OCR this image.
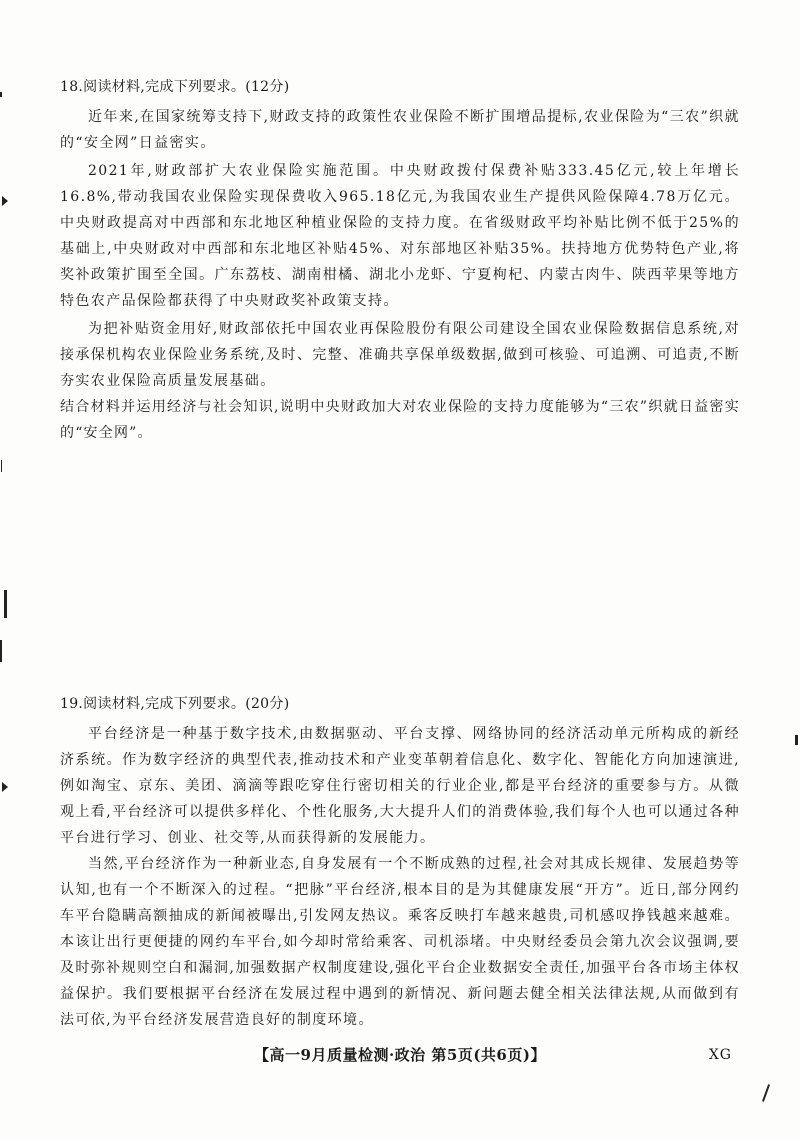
18.阅读材料,完成下列要求。(12分)

近年来,在国家统筹支持下,财政支持的政策性农业保险不断扩围增品提标,农业保险为“三农”织就的“安全网”日益密实。

2021年,财政部扩大农业保险实施范围。中央财政拨付保费补贴333.45亿元,较上年增长16.8%,带动我国农业保险实现保费收入965.18亿元,为我国农业生产提供风险保障4.78万亿元。中央财政提高对中西部和东北地区种植业保险的支持力度。在省级财政平均补贴比例不低于25%的基础上,中央财政对中西部和东北地区补贴45%、对东部地区补贴35%。扶持地方优势特色产业,将奖补政策扩围至全国。广东荔枝、湖南柑橘、湖北小龙虾、宁夏枸杞、内蒙古肉牛、陕西苹果等地方特色农产品保险都获得了中央财政奖补政策支持。

为把补贴资金用好,财政部依托中国农业再保险股份有限公司建设全国农业保险数据信息系统,对接承保机构农业保险业务系统,及时、完整、准确共享保单级数据,做到可核验、可追溯、可追责,不断夯实农业保险高质量发展基础。

结合材料并运用经济与社会知识,说明中央财政加大对农业保险的支持力度能够为“三农”织就日益密实的“安全网”。

19.阅读材料,完成下列要求。(20分)

平台经济是一种基于数字技术,由数据驱动、平台支撑、网络协同的经济活动单元所构成的新经济系统。作为数字经济的典型代表,推动技术和产业变革朝着信息化、数字化、智能化方向加速演进,例如淘宝、京东、美团、滴滴等跟吃穿住行密切相关的行业企业,都是平台经济的重要参与方。从微观上看,平台经济可以提供多样化、个性化服务,大大提升人们的消费体验,我们每个人也可以通过各种平台进行学习、创业、社交等,从而获得新的发展能力。

当然,平台经济作为一种新业态,自身发展有一个不断成熟的过程,社会对其成长规律、发展趋势等认知,也有一个不断深入的过程。“把脉”平台经济,根本目的是为其健康发展“开方”。近日,部分网约车平台隐瞒高额抽成的新闻被曝出,引发网友热议。乘客反映打车越来越贵,司机感叹挣钱越来越难。本该让出行更便捷的网约车平台,如今却时常给乘客、司机添堵。中央财经委员会第九次会议强调,要及时弥补规则空白和漏洞,加强数据产权制度建设,强化平台企业数据安全责任,加强平台各市场主体权益保护。我们要根据平台经济在发展过程中遇到的新情况、新问题去健全相关法律法规,从而做到有法可依,为平台经济发展营造良好的制度环境。

【高一9月质量检测·政治 第5页(共6页)】	XG
